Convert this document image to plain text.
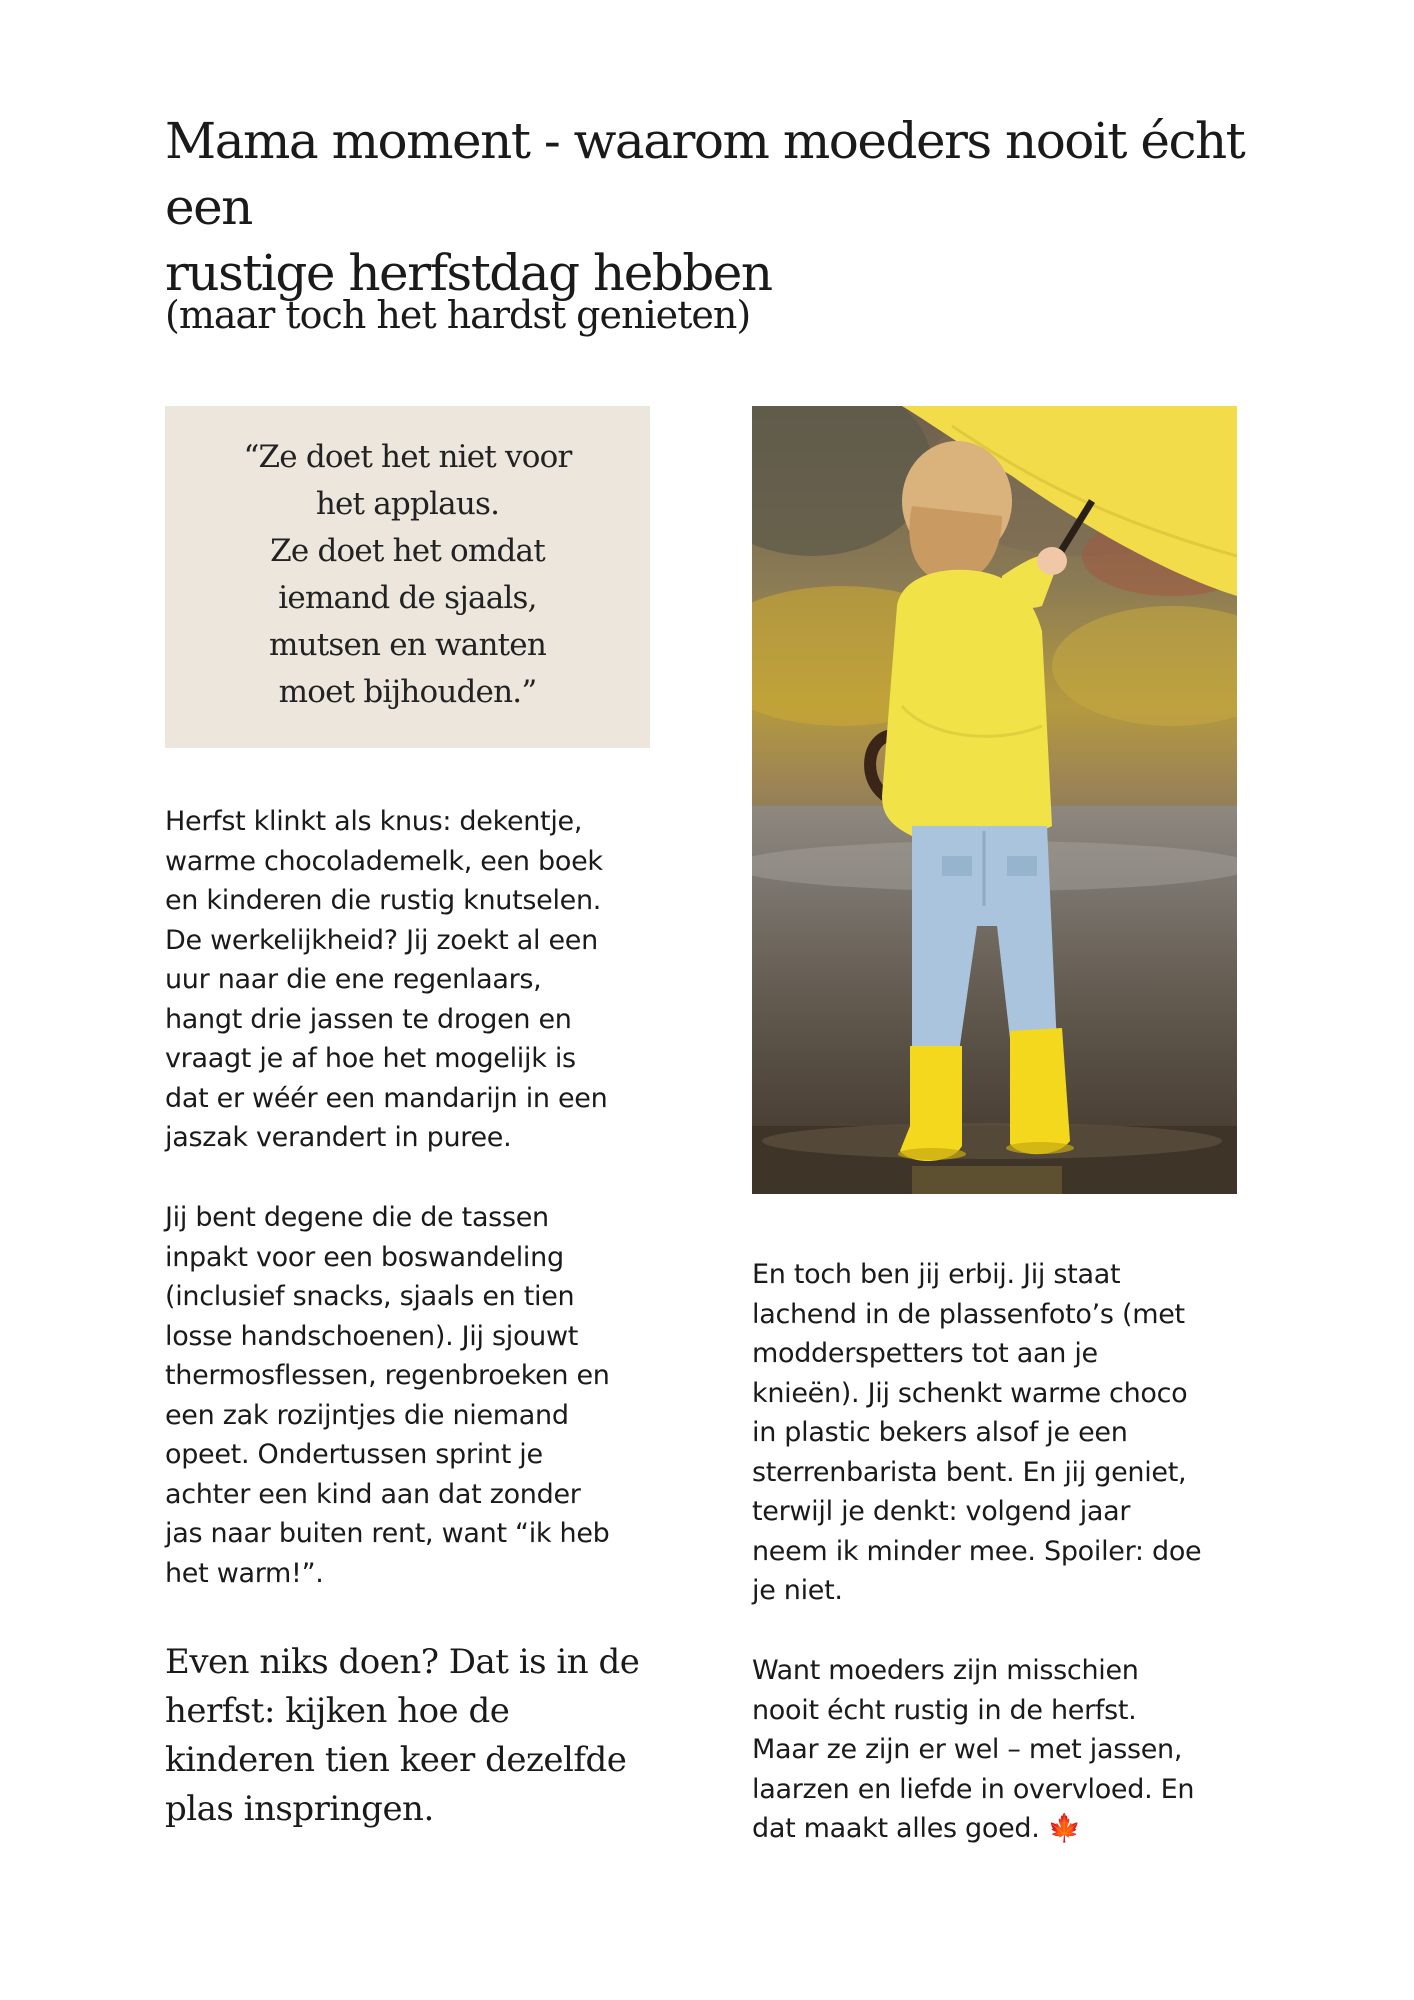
Mama moment - waarom moeders nooit écht een
rustige herfstdag hebben
(maar toch het hardst genieten)
“Ze doet het niet voor
het applaus.
Ze doet het omdat
iemand de sjaals,
mutsen en wanten
moet bijhouden.”
Herfst klinkt als knus: dekentje,
warme chocolademelk, een boek
en kinderen die rustig knutselen.
De werkelijkheid? Jij zoekt al een
uur naar die ene regenlaars,
hangt drie jassen te drogen en
vraagt je af hoe het mogelijk is
dat er wéér een mandarijn in een
jaszak verandert in puree.
Jij bent degene die de tassen
inpakt voor een boswandeling
(inclusief snacks, sjaals en tien
losse handschoenen). Jij sjouwt
thermosflessen, regenbroeken en
een zak rozijntjes die niemand
opeet. Ondertussen sprint je
achter een kind aan dat zonder
jas naar buiten rent, want “ik heb
het warm!”.
Even niks doen? Dat is in de
herfst: kijken hoe de
kinderen tien keer dezelfde
plas inspringen.
En toch ben jij erbij. Jij staat
lachend in de plassenfoto’s (met
modderspetters tot aan je
knieën). Jij schenkt warme choco
in plastic bekers alsof je een
sterrenbarista bent. En jij geniet,
terwijl je denkt: volgend jaar
neem ik minder mee. Spoiler: doe
je niet.
Want moeders zijn misschien
nooit écht rustig in de herfst.
Maar ze zijn er wel – met jassen,
laarzen en liefde in overvloed. En
dat maakt alles goed. 🍁
